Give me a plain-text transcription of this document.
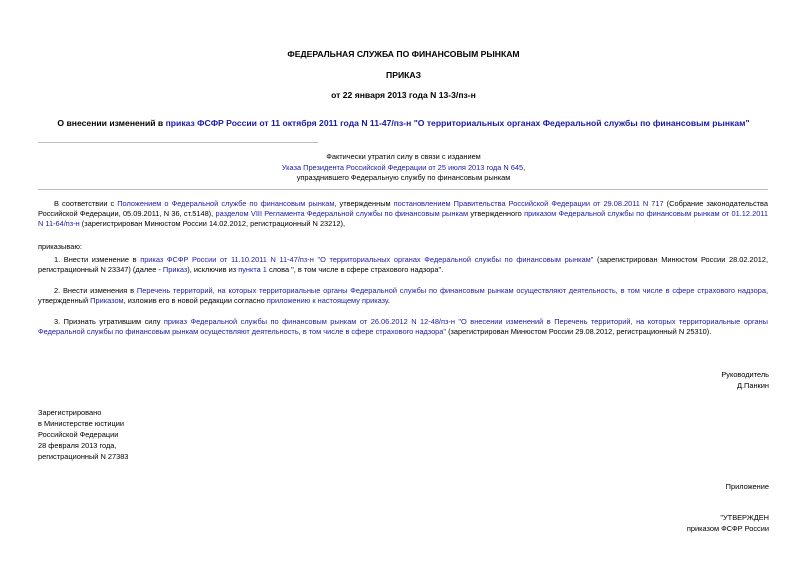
ФЕДЕРАЛЬНАЯ СЛУЖБА ПО ФИНАНСОВЫМ РЫНКАМ
ПРИКАЗ
от 22 января 2013 года N 13-3/пз-н
О внесении изменений в приказ ФСФР России от 11 октября 2011 года N 11-47/пз-н "О территориальных органах Федеральной службы по финансовым рынкам"
Фактически утратил силу в связи с изданием
Указа Президента Российской Федерации от 25 июля 2013 года N 645,
упразднившего Федеральную службу по финансовым рынкам
В соответствии с Положением о Федеральной службе по финансовым рынкам, утвержденным постановлением Правительства Российской Федерации от 29.08.2011 N 717 (Собрание законодательства Российской Федерации, 05.09.2011, N 36, ст.5148), разделом VIII Регламента Федеральной службы по финансовым рынкам утвержденного приказом Федеральной службы по финансовым рынкам от 01.12.2011 N 11-64/пз-н (зарегистрирован Минюстом России 14.02.2012, регистрационный N 23212),
приказываю:
1. Внести изменение в приказ ФСФР России от 11.10.2011 N 11-47/пз-н "О территориальных органах Федеральной службы по финансовым рынкам" (зарегистрирован Минюстом России 28.02.2012, регистрационный N 23347) (далее - Приказ), исключив из пункта 1 слова ", в том числе в сфере страхового надзора".
2. Внести изменения в Перечень территорий, на которых территориальные органы Федеральной службы по финансовым рынкам осуществляют деятельность, в том числе в сфере страхового надзора, утвержденный Приказом, изложив его в новой редакции согласно приложению к настоящему приказу.
3. Признать утратившим силу приказ Федеральной службы по финансовым рынкам от 26.06.2012 N 12-48/пз-н "О внесении изменений в Перечень территорий, на которых территориальные органы Федеральной службы по финансовым рынкам осуществляют деятельность, в том числе в сфере страхового надзора" (зарегистрирован Минюстом России 29.08.2012, регистрационный N 25310).
Руководитель
Д.Панкин
Зарегистрировано
в Министерстве юстиции
Российской Федерации
28 февраля 2013 года,
регистрационный N 27383
Приложение
"УТВЕРЖДЕН
приказом ФСФР России
